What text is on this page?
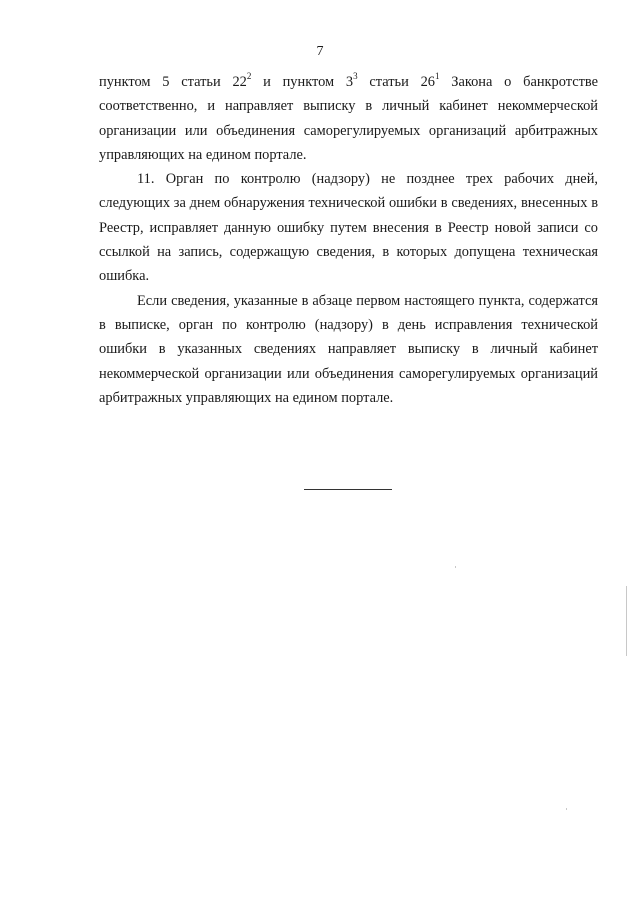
7

пунктом 5 статьи $22^2$ и пунктом $3^3$ статьи $26^1$ Закона о банкротстве соответственно, и направляет выписку в личный кабинет некоммерческой организации или объединения саморегулируемых организаций арбитражных управляющих на едином портале.

11. Орган по контролю (надзору) не позднее трех рабочих дней, следующих за днем обнаружения технической ошибки в сведениях, внесенных в Реестр, исправляет данную ошибку путем внесения в Реестр новой записи со ссылкой на запись, содержащую сведения, в которых допущена техническая ошибка.

Если сведения, указанные в абзаце первом настоящего пункта, содержатся в выписке, орган по контролю (надзору) в день исправления технической ошибки в указанных сведениях направляет выписку в личный кабинет некоммерческой организации или объединения саморегулируемых организаций арбитражных управляющих на едином портале.
